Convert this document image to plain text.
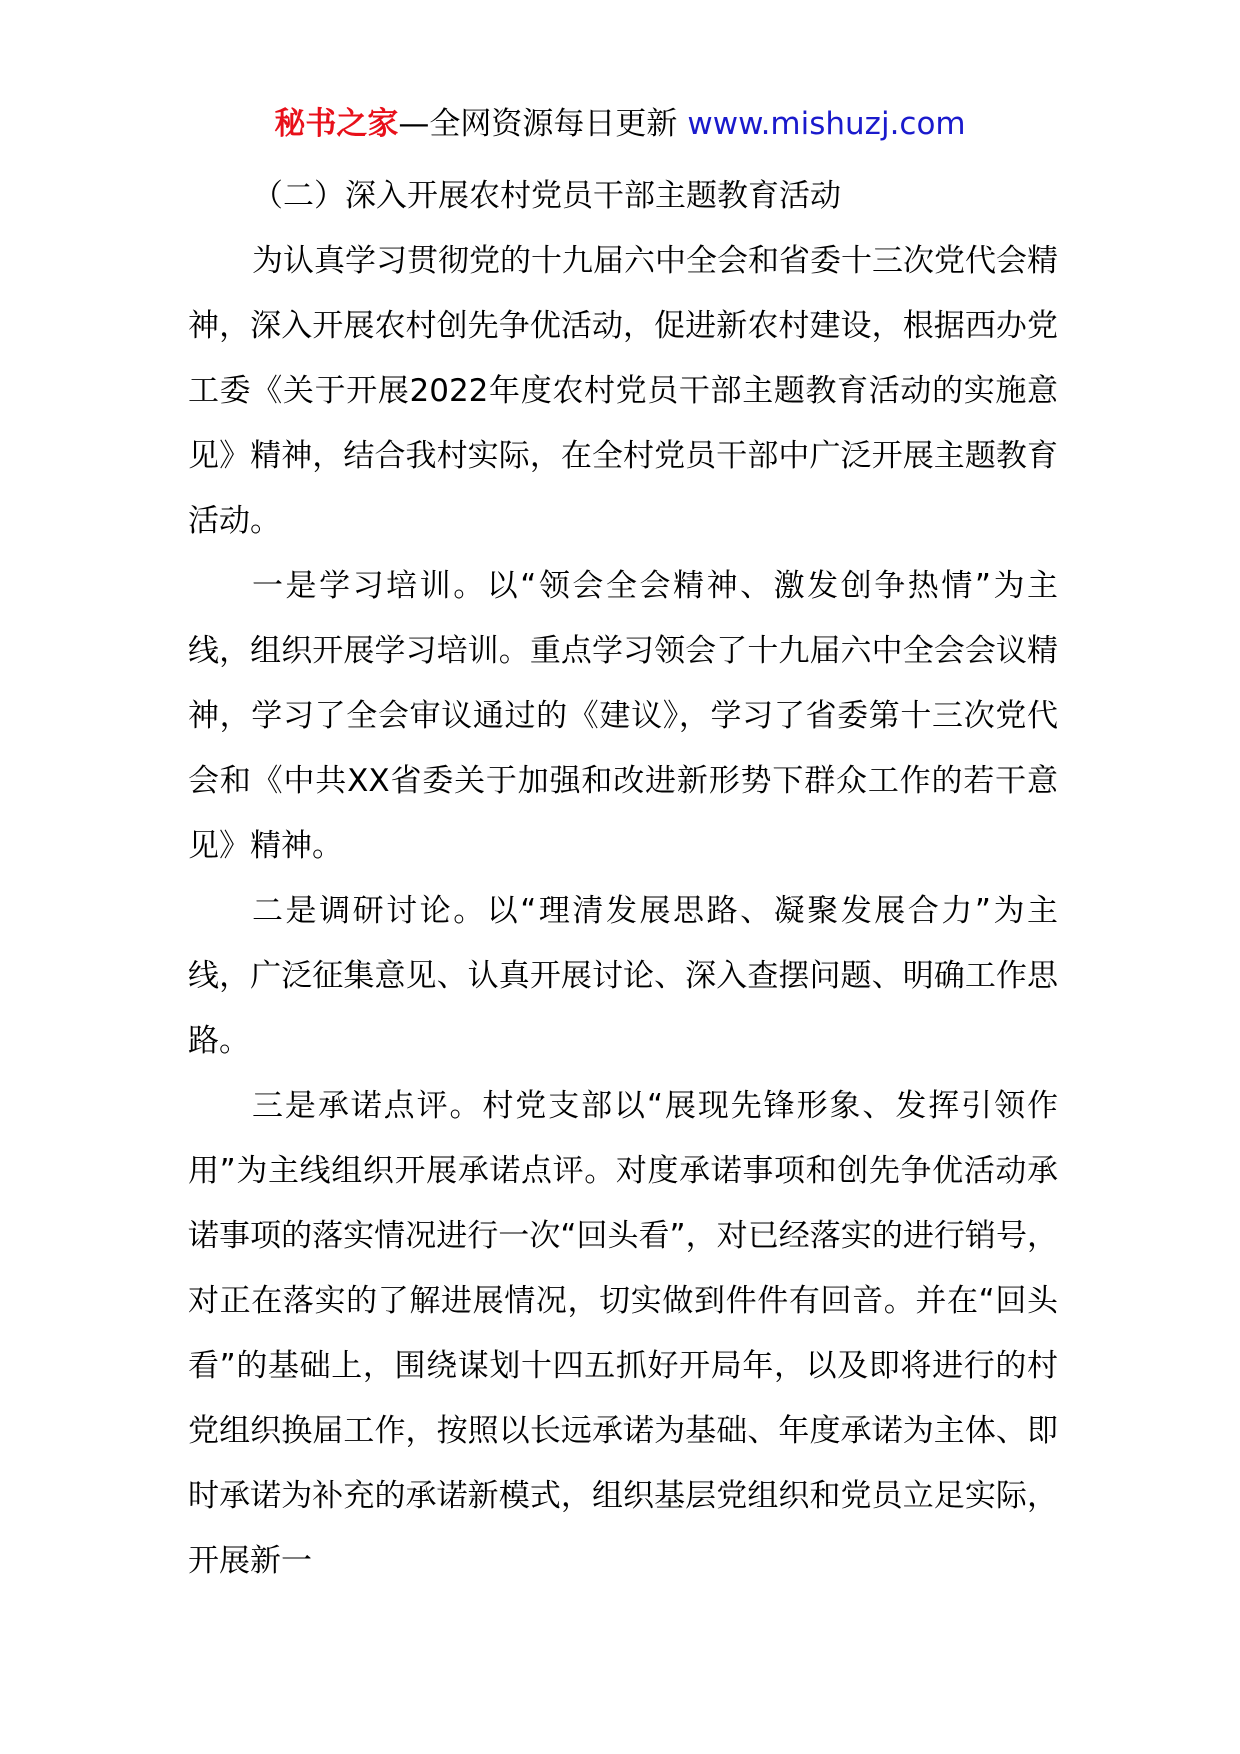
秘书之家—全网资源每日更新 www.mishuzj.com

（二）深入开展农村党员干部主题教育活动

为认真学习贯彻党的十九届六中全会和省委十三次党代会精神，深入开展农村创先争优活动，促进新农村建设，根据西办党工委《关于开展2022年度农村党员干部主题教育活动的实施意见》精神，结合我村实际，在全村党员干部中广泛开展主题教育活动。

一是学习培训。以“领会全会精神、激发创争热情”为主线，组织开展学习培训。重点学习领会了十九届六中全会会议精神，学习了全会审议通过的《建议》，学习了省委第十三次党代会和《中共XX省委关于加强和改进新形势下群众工作的若干意见》精神。

二是调研讨论。以“理清发展思路、凝聚发展合力”为主线，广泛征集意见、认真开展讨论、深入查摆问题、明确工作思路。

三是承诺点评。村党支部以“展现先锋形象、发挥引领作用”为主线组织开展承诺点评。对度承诺事项和创先争优活动承诺事项的落实情况进行一次“回头看”，对已经落实的进行销号，对正在落实的了解进展情况，切实做到件件有回音。并在“回头看”的基础上，围绕谋划十四五抓好开局年，以及即将进行的村党组织换届工作，按照以长远承诺为基础、年度承诺为主体、即时承诺为补充的承诺新模式，组织基层党组织和党员立足实际，开展新一
